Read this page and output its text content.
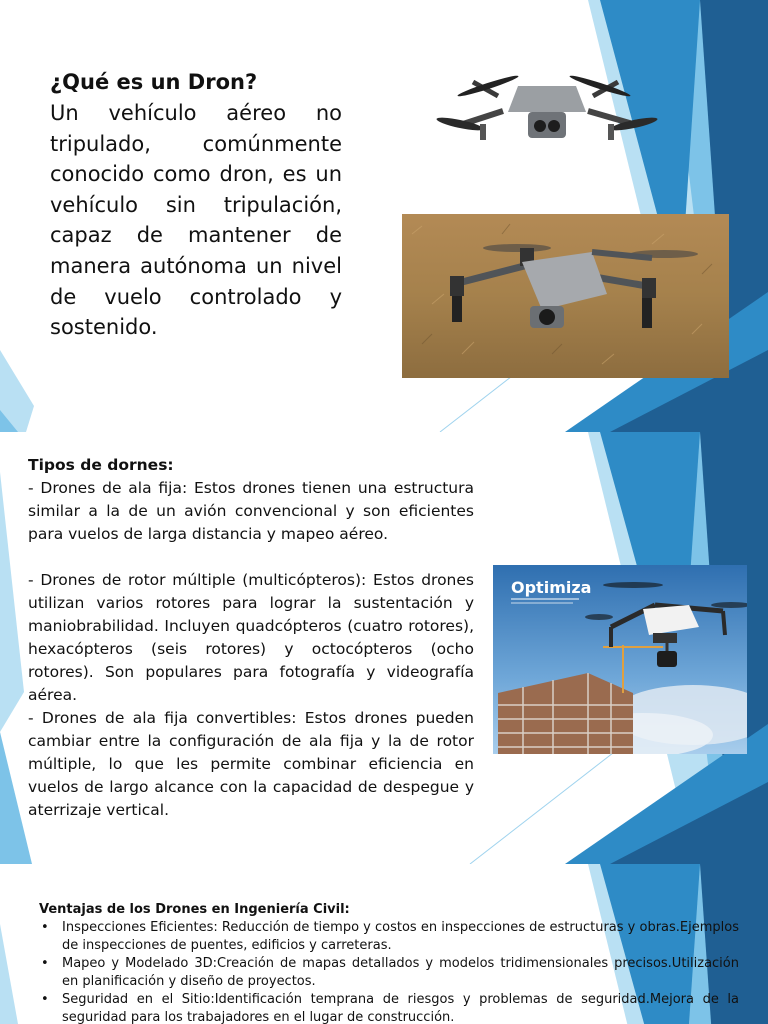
¿Qué es un Dron?
Un vehículo aéreo no tripulado, comúnmente conocido como dron, es un vehículo sin tripulación, capaz de mantener de manera autónoma un nivel de vuelo controlado y sostenido.
Tipos de dornes:
- Drones de ala fija: Estos drones tienen una estructura similar a la de un avión convencional y son eficientes para vuelos de larga distancia y mapeo aéreo.
- Drones de rotor múltiple (multicópteros): Estos drones utilizan varios rotores para lograr la sustentación y maniobrabilidad. Incluyen quadcópteros (cuatro rotores), hexacópteros (seis rotores) y octocópteros (ocho rotores). Son populares para fotografía y videografía aérea.
- Drones de ala fija convertibles: Estos drones pueden cambiar entre la configuración de ala fija y la de rotor múltiple, lo que les permite combinar eficiencia en vuelos de largo alcance con la capacidad de despegue y aterrizaje vertical.
Optimiza
Ventajas de los Drones en Ingeniería Civil:
• Inspecciones Eficientes: Reducción de tiempo y costos en inspecciones de estructuras y obras.Ejemplos de inspecciones de puentes, edificios y carreteras.
• Mapeo y Modelado 3D:Creación de mapas detallados y modelos tridimensionales precisos.Utilización en planificación y diseño de proyectos.
• Seguridad en el Sitio:Identificación temprana de riesgos y problemas de seguridad.Mejora de la seguridad para los trabajadores en el lugar de construcción.
